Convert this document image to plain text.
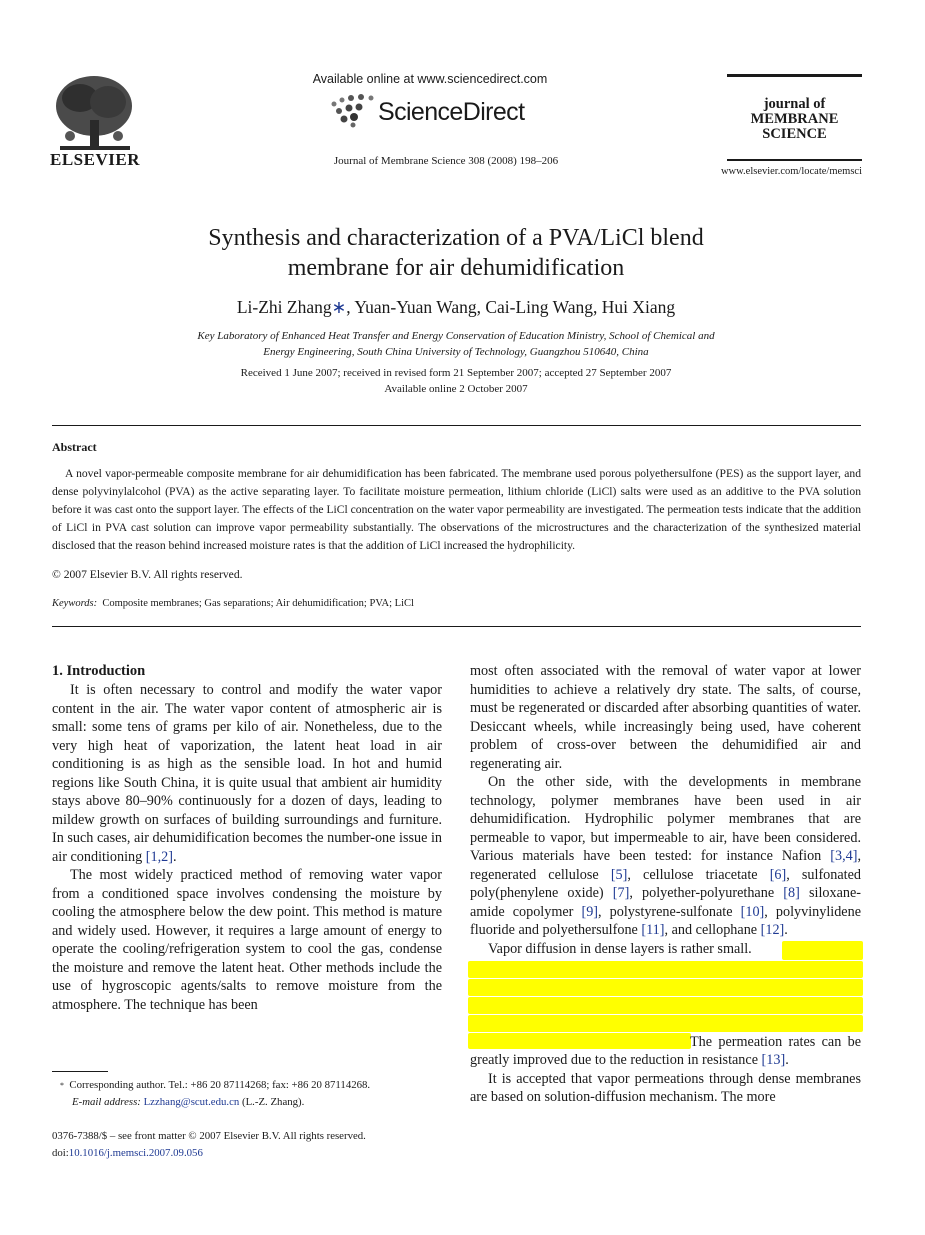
ELSEVIER
Available online at www.sciencedirect.com
ScienceDirect
Journal of Membrane Science 308 (2008) 198–206
journal of
MEMBRANE
SCIENCE
www.elsevier.com/locate/memsci
Synthesis and characterization of a PVA/LiCl blend
membrane for air dehumidification
Li-Zhi Zhang∗, Yuan-Yuan Wang, Cai-Ling Wang, Hui Xiang
Key Laboratory of Enhanced Heat Transfer and Energy Conservation of Education Ministry, School of Chemical and
Energy Engineering, South China University of Technology, Guangzhou 510640, China
Received 1 June 2007; received in revised form 21 September 2007; accepted 27 September 2007
Available online 2 October 2007
Abstract
A novel vapor-permeable composite membrane for air dehumidification has been fabricated. The membrane used porous polyethersulfone (PES) as the support layer, and dense polyvinylalcohol (PVA) as the active separating layer. To facilitate moisture permeation, lithium chloride (LiCl) salts were used as an additive to the PVA solution before it was cast onto the support layer. The effects of the LiCl concentration on the water vapor permeability are investigated. The permeation tests indicate that the addition of LiCl in PVA cast solution can improve vapor permeability substantially. The observations of the microstructures and the characterization of the synthesized material disclosed that the reason behind increased moisture rates is that the addition of LiCl increased the hydrophilicity.
© 2007 Elsevier B.V. All rights reserved.
Keywords: Composite membranes; Gas separations; Air dehumidification; PVA; LiCl
1. Introduction

It is often necessary to control and modify the water vapor content in the air. The water vapor content of atmospheric air is small: some tens of grams per kilo of air. Nonetheless, due to the very high heat of vaporization, the latent heat load in air conditioning is as high as the sensible load. In hot and humid regions like South China, it is quite usual that ambient air humidity stays above 80–90% continuously for a dozen of days, leading to mildew growth on surfaces of building surroundings and furniture. In such cases, air dehumidification becomes the number-one issue in air conditioning [1,2].

The most widely practiced method of removing water vapor from a conditioned space involves condensing the moisture by cooling the atmosphere below the dew point. This method is mature and widely used. However, it requires a large amount of energy to operate the cooling/refrigeration system to cool the gas, condense the moisture and remove the latent heat. Other methods include the use of hygroscopic agents/salts to remove moisture from the atmosphere. The technique has been

most often associated with the removal of water vapor at lower humidities to achieve a relatively dry state. The salts, of course, must be regenerated or discarded after absorbing quantities of water. Desiccant wheels, while increasingly being used, have coherent problem of cross-over between the dehumidified air and regenerating air.

On the other side, with the developments in membrane technology, polymer membranes have been used in air dehumidification. Hydrophilic polymer membranes that are permeable to vapor, but impermeable to air, have been considered. Various materials have been tested: for instance Nafion [3,4], regenerated cellulose [5], cellulose triacetate [6], sulfonated poly(phenylene oxide) [7], polyether-polyurethane [8] siloxane-amide copolymer [9], polystyrene-sulfonate [10], polyvinylidene fluoride and polyethersulfone [11], and cellophane [12].

Vapor diffusion in dense layers is rather small.

The permeation rates can be greatly improved due to the reduction in resistance [13].

It is accepted that vapor permeations through dense membranes are based on solution-diffusion mechanism. The more

* Corresponding author. Tel.: +86 20 87114268; fax: +86 20 87114268.
E-mail address: Lzzhang@scut.edu.cn (L.-Z. Zhang).
0376-7388/$ – see front matter © 2007 Elsevier B.V. All rights reserved.
doi:10.1016/j.memsci.2007.09.056
